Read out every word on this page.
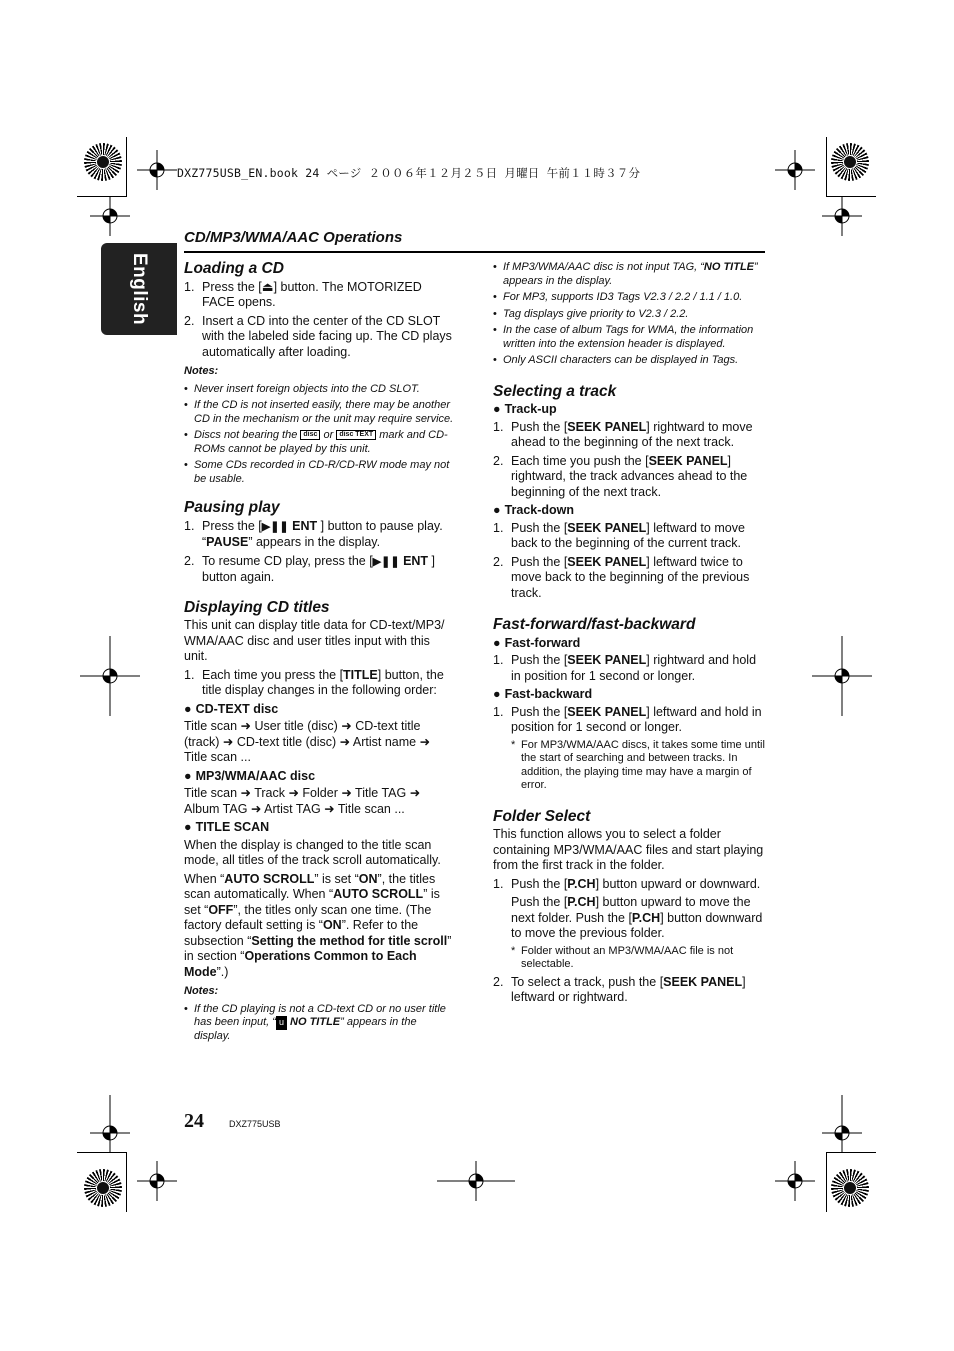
DXZ775USB_EN.book 24 ページ ２００６年１２月２５日 月曜日 午前１１時３７分
English
CD/MP3/WMA/AAC Operations
Loading a CD
1. Press the [⏏] button. The MOTORIZED FACE opens.
2. Insert a CD into the center of the CD SLOT with the labeled side facing up. The CD plays automatically after loading.
Notes:
• Never insert foreign objects into the CD SLOT.
• If the CD is not inserted easily, there may be another CD in the mechanism or the unit may require service.
• Discs not bearing the disc or disc TEXT mark and CD-ROMs cannot be played by this unit.
• Some CDs recorded in CD-R/CD-RW mode may not be usable.
Pausing play
1. Press the [▶❚❚ ENT ] button to pause play.
“PAUSE” appears in the display.
2. To resume CD play, press the [▶❚❚ ENT ] button again.
Displaying CD titles

This unit can display title data for CD-text/MP3/ WMA/AAC disc and user titles input with this unit.

1. Each time you press the [TITLE] button, the title display changes in the following order:
● CD-TEXT disc

Title scan ➜ User title (disc) ➜ CD-text title (track) ➜ CD-text title (disc) ➜ Artist name ➜ Title scan ...

● MP3/WMA/AAC disc

Title scan ➜ Track ➜ Folder ➜ Title TAG ➜ Album TAG ➜ Artist TAG ➜ Title scan ...

● TITLE SCAN

When the display is changed to the title scan mode, all titles of the track scroll automatically.

When “AUTO SCROLL” is set “ON”, the titles scan automatically. When “AUTO SCROLL” is set “OFF”, the titles only scan one time. (The factory default setting is “ON”. Refer to the subsection “Setting the method for title scroll” in section “Operations Common to Each Mode”.)

Notes:
• If the CD playing is not a CD-text CD or no user title has been input, “ u NO TITLE” appears in the display.
• If MP3/WMA/AAC disc is not input TAG, “NO TITLE” appears in the display.
• For MP3, supports ID3 Tags V2.3 / 2.2 / 1.1 / 1.0.
• Tag displays give priority to V2.3 / 2.2.
• In the case of album Tags for WMA, the information written into the extension header is displayed.
• Only ASCII characters can be displayed in Tags.
Selecting a track
● Track-up
1. Push the [SEEK PANEL] rightward to move ahead to the beginning of the next track.
2. Each time you push the [SEEK PANEL] rightward, the track advances ahead to the beginning of the next track.
● Track-down
1. Push the [SEEK PANEL] leftward to move back to the beginning of the current track.
2. Push the [SEEK PANEL] leftward twice to move back to the beginning of the previous track.
Fast-forward/fast-backward
● Fast-forward
1. Push the [SEEK PANEL] rightward and hold in position for 1 second or longer.
● Fast-backward
1. Push the [SEEK PANEL] leftward and hold in position for 1 second or longer.
* For MP3/WMA/AAC discs, it takes some time until the start of searching and between tracks. In addition, the playing time may have a margin of error.
Folder Select

This function allows you to select a folder containing MP3/WMA/AAC files and start playing from the first track in the folder.

1. Push the [P.CH] button upward or downward.
Push the [P.CH] button upward to move the next folder. Push the [P.CH] button downward to move the previous folder.
* Folder without an MP3/WMA/AAC file is not selectable.
2. To select a track, push the [SEEK PANEL] leftward or rightward.
24	DXZ775USB
